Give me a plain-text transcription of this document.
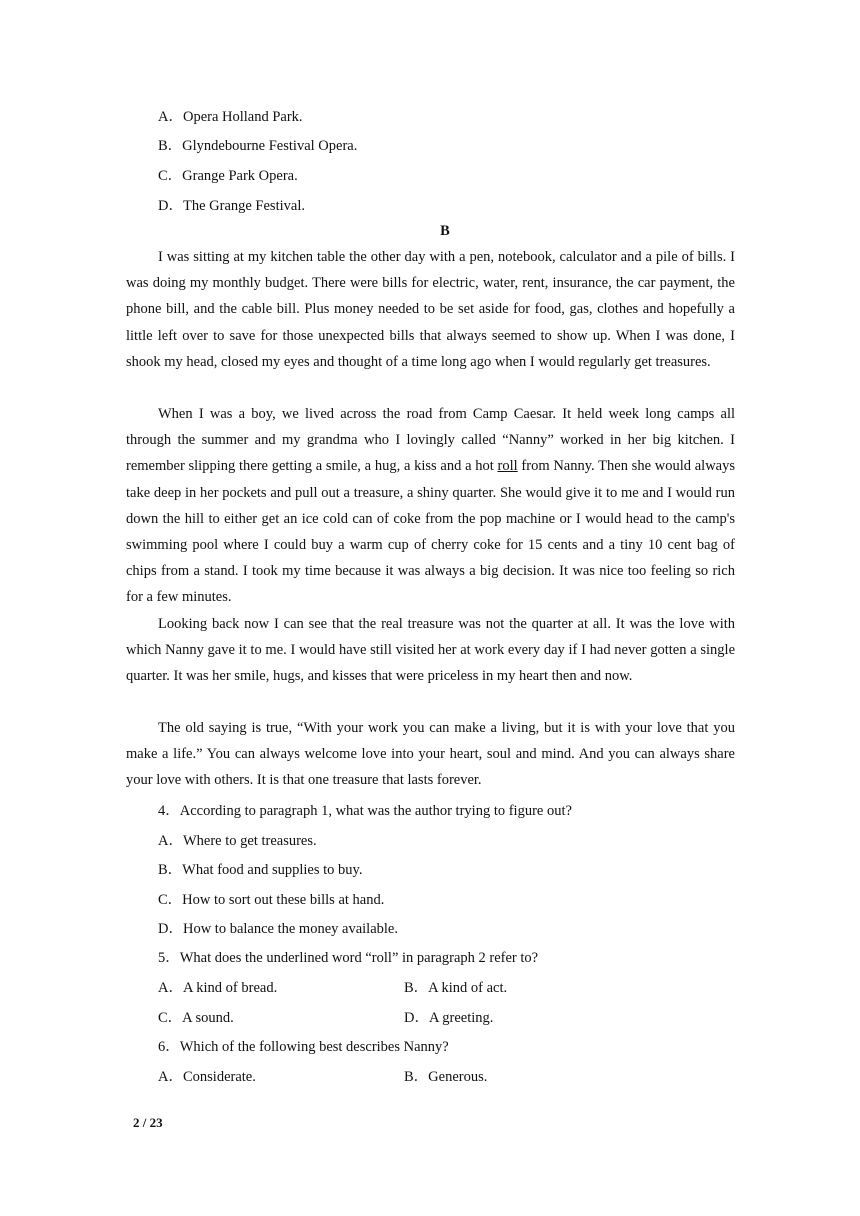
A．Opera Holland Park.
B．Glyndebourne Festival Opera.
C．Grange Park Opera.
D．The Grange Festival.
B

I was sitting at my kitchen table the other day with a pen, notebook, calculator and a pile of bills. I was doing my monthly budget. There were bills for electric, water, rent, insurance, the car payment, the phone bill, and the cable bill. Plus money needed to be set aside for food, gas, clothes and hopefully a little left over to save for those unexpected bills that always seemed to show up. When I was done, I shook my head, closed my eyes and thought of a time long ago when I would regularly get treasures.

When I was a boy, we lived across the road from Camp Caesar. It held week long camps all through the summer and my grandma who I lovingly called “Nanny” worked in her big kitchen. I remember slipping there getting a smile, a hug, a kiss and a hot roll from Nanny. Then she would always take deep in her pockets and pull out a treasure, a shiny quarter. She would give it to me and I would run down the hill to either get an ice cold can of coke from the pop machine or I would head to the camp's swimming pool where I could buy a warm cup of cherry coke for 15 cents and a tiny 10 cent bag of chips from a stand. I took my time because it was always a big decision. It was nice too feeling so rich for a few minutes.

Looking back now I can see that the real treasure was not the quarter at all. It was the love with which Nanny gave it to me. I would have still visited her at work every day if I had never gotten a single quarter. It was her smile, hugs, and kisses that were priceless in my heart then and now.

The old saying is true, “With your work you can make a living, but it is with your love that you make a life.” You can always welcome love into your heart, soul and mind. And you can always share your love with others. It is that one treasure that lasts forever.

4．According to paragraph 1, what was the author trying to figure out?
A．Where to get treasures.
B．What food and supplies to buy.
C．How to sort out these bills at hand.
D．How to balance the money available.
5．What does the underlined word “roll” in paragraph 2 refer to?
A．A kind of bread.	B．A kind of act.
C．A sound.	D．A greeting.
6．Which of the following best describes Nanny?
A．Considerate.	B．Generous.
2 / 23
